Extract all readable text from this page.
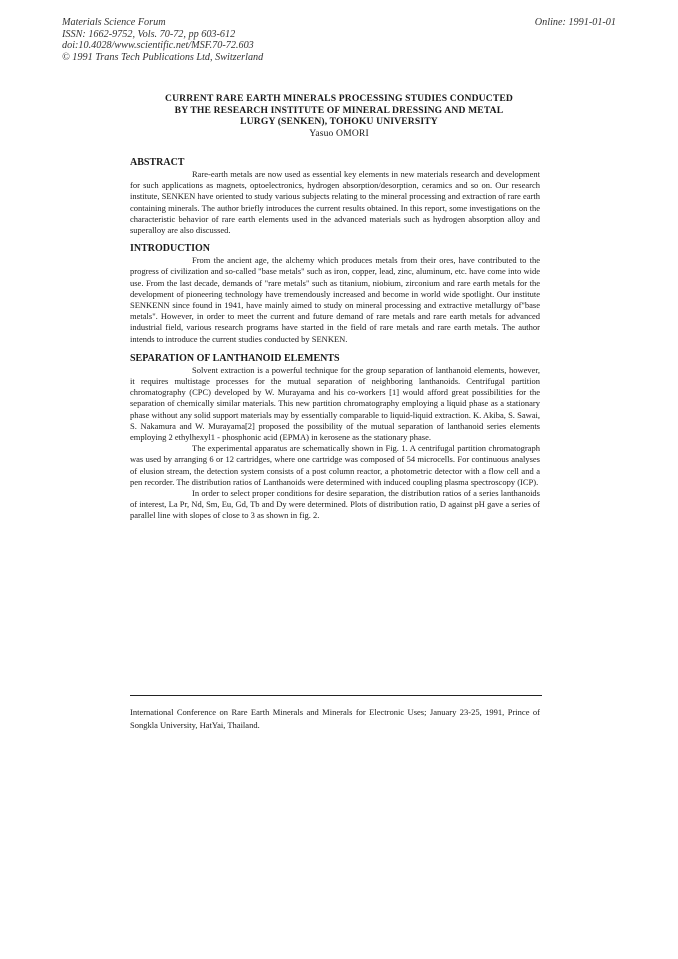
Materials Science Forum
ISSN: 1662-9752, Vols. 70-72, pp 603-612
doi:10.4028/www.scientific.net/MSF.70-72.603
© 1991 Trans Tech Publications Ltd, Switzerland
Online: 1991-01-01
CURRENT RARE EARTH MINERALS PROCESSING STUDIES CONDUCTED
BY THE RESEARCH INSTITUTE OF MINERAL DRESSING AND METAL
LURGY (SENKEN), TOHOKU UNIVERSITY
Yasuo OMORI
ABSTRACT

Rare-earth metals are now used as essential key elements in new materials research and development for such applications as magnets, optoelectronics, hydrogen absorption/desorption, ceramics and so on. Our research institute, SENKEN have oriented to study various subjects relating to the mineral processing and extraction of rare earth containing minerals. The author briefly introduces the current results obtained. In this report, some investigations on the characteristic behavior of rare earth elements used in the advanced materials such as hydrogen absorption alloy and superalloy are also discussed.

INTRODUCTION

From the ancient age, the alchemy which produces metals from their ores, have contributed to the progress of civilization and so-called "base metals" such as iron, copper, lead, zinc, aluminum, etc. have come into wide use. From the last decade, demands of "rare metals" such as titanium, niobium, zirconium and rare earth metals for the development of pioneering technology have tremendously increased and become in world wide spotlight. Our institute SENKENN since found in 1941, have mainly aimed to study on mineral processing and extractive metallurgy of"base metals". However, in order to meet the current and future demand of rare metals and rare earth metals for advanced industrial field, various research programs have started in the field of rare metals and rare earth metals. The author intends to introduce the current studies conducted by SENKEN.

SEPARATION OF LANTHANOID ELEMENTS

Solvent extraction is a powerful technique for the group separation of lanthanoid elements, however, it requires multistage processes for the mutual separation of neighboring lanthanoids. Centrifugal partition chromatography (CPC) developed by W. Murayama and his co-workers [1] would afford great possibilities for the separation of chemically similar materials. This new partition chromatography employing a liquid phase as a stationary phase without any solid support materials may by essentially comparable to liquid-liquid extraction. K. Akiba, S. Sawai, S. Nakamura and W. Murayama[2] proposed the possibility of the mutual separation of lanthanoid series elements employing 2 ethylhexyl1 - phosphonic acid (EPMA) in kerosene as the stationary phase.

The experimental apparatus are schematically shown in Fig. 1. A centrifugal partition chromatograph was used by arranging 6 or 12 cartridges, where one cartridge was composed of 54 microcells. For continuous analyses of elusion stream, the detection system consists of a post column reactor, a photometric detector with a flow cell and a pen recorder. The distribution ratios of Lanthanoids were determined with induced coupling plasma spectroscopy (ICP).

In order to select proper conditions for desire separation, the distribution ratios of a series lanthanoids of interest, La Pr, Nd, Sm, Eu, Gd, Tb and Dy were determined. Plots of distribution ratio, D against pH gave a series of parallel line with slopes of close to 3 as shown in fig. 2.

International Conference on Rare Earth Minerals and Minerals for Electronic Uses; January 23-25, 1991, Prince of Songkla University, HatYai, Thailand.
